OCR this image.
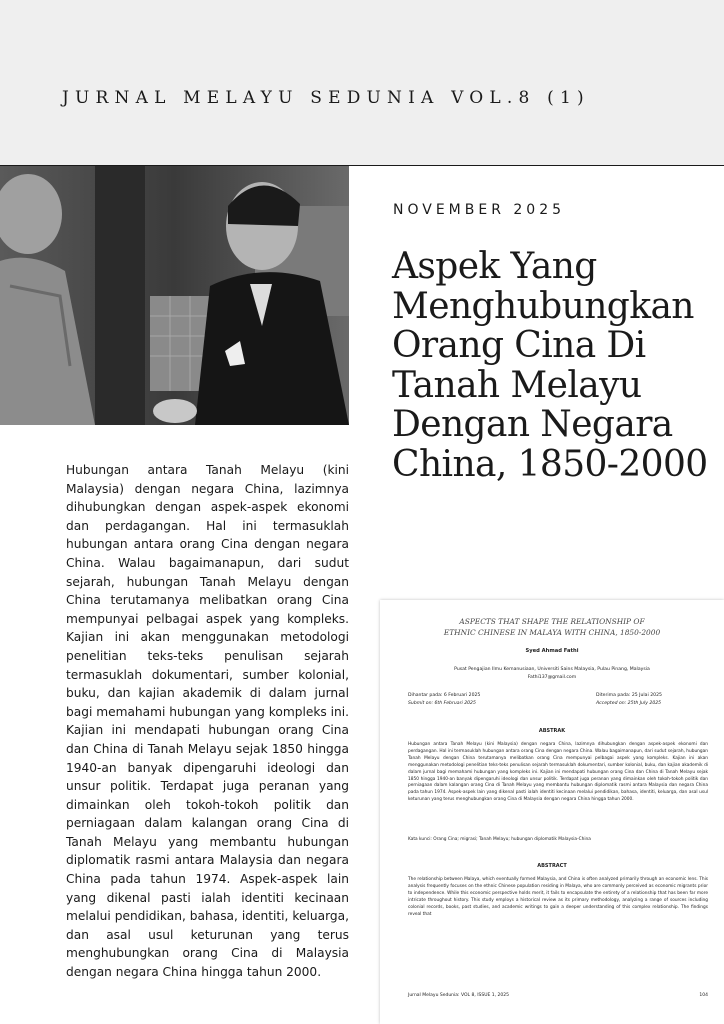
JURNAL MELAYU SEDUNIA VOL.8 (1)
NOVEMBER 2025
Aspek Yang Menghubungkan Orang Cina Di Tanah Melayu Dengan Negara China, 1850-2000

Hubungan antara Tanah Melayu (kini Malaysia) dengan negara China, lazimnya dihubungkan dengan aspek-aspek ekonomi dan perdagangan. Hal ini termasuklah hubungan antara orang Cina dengan negara China. Walau bagaimanapun, dari sudut sejarah, hubungan Tanah Melayu dengan China terutamanya melibatkan orang Cina mempunyai pelbagai aspek yang kompleks. Kajian ini akan menggunakan metodologi penelitian teks-teks penulisan sejarah termasuklah dokumentari, sumber kolonial, buku, dan kajian akademik di dalam jurnal bagi memahami hubungan yang kompleks ini. Kajian ini mendapati hubungan orang Cina dan China di Tanah Melayu sejak 1850 hingga 1940-an banyak dipengaruhi ideologi dan unsur politik. Terdapat juga peranan yang dimainkan oleh tokoh-tokoh politik dan perniagaan dalam kalangan orang Cina di Tanah Melayu yang membantu hubungan diplomatik rasmi antara Malaysia dan negara China pada tahun 1974. Aspek-aspek lain yang dikenal pasti ialah identiti kecinaan melalui pendidikan, bahasa, identiti, keluarga, dan asal usul keturunan yang terus menghubungkan orang Cina di Malaysia dengan negara China hingga tahun 2000.

ASPECTS THAT SHAPE THE RELATIONSHIP OF
ETHNIC CHINESE IN MALAYA WITH CHINA, 1850-2000
Syed Ahmad Fathi
Pusat Pengajian Ilmu Kemanusiaan, Universiti Sains Malaysia, Pulau Pinang, Malaysia
Fathi137@gmail.com
Dihantar pada: 6 Februari 2025
Submit on: 6th Februari 2025
Diterima pada: 25 Julai 2025
Accepted on: 25th July 2025
ABSTRAK

Hubungan antara Tanah Melayu (kini Malaysia) dengan negara China, lazimnya dihubungkan dengan aspek-aspek ekonomi dan perdagangan. Hal ini termasuklah hubungan antara orang Cina dengan negara China. Walau bagaimanapun, dari sudut sejarah, hubungan Tanah Melayu dengan China terutamanya melibatkan orang Cina mempunyai pelbagai aspek yang kompleks. Kajian ini akan menggunakan metodologi penelitian teks-teks penulisan sejarah termasuklah dokumentari, sumber kolonial, buku, dan kajian akademik di dalam jurnal bagi memahami hubungan yang kompleks ini. Kajian ini mendapati hubungan orang Cina dan China di Tanah Melayu sejak 1850 hingga 1940-an banyak dipengaruhi ideologi dan unsur politik. Terdapat juga peranan yang dimainkan oleh tokoh-tokoh politik dan perniagaan dalam kalangan orang Cina di Tanah Melayu yang membantu hubungan diplomatik rasmi antara Malaysia dan negara China pada tahun 1974. Aspek-aspek lain yang dikenal pasti ialah identiti kecinaan melalui pendidikan, bahasa, identiti, keluarga, dan asal usul keturunan yang terus menghubungkan orang Cina di Malaysia dengan negara China hingga tahun 2000.

Kata kunci: Orang Cina; migrasi; Tanah Melayu; hubungan diplomatik Malaysia-China

ABSTRACT

The relationship between Malaya, which eventually formed Malaysia, and China is often analyzed primarily through an economic lens. This analysis frequently focuses on the ethnic Chinese population residing in Malaya, who are commonly perceived as economic migrants prior to independence. While this economic perspective holds merit, it fails to encapsulate the entirety of a relationship that has been far more intricate throughout history. This study employs a historical review as its primary methodology, analyzing a range of sources including colonial records, books, past studies, and academic writings to gain a deeper understanding of this complex relationship. The findings reveal that

Jurnal Melayu Sedunia: VOL 8, ISSUE 1, 2025	104
